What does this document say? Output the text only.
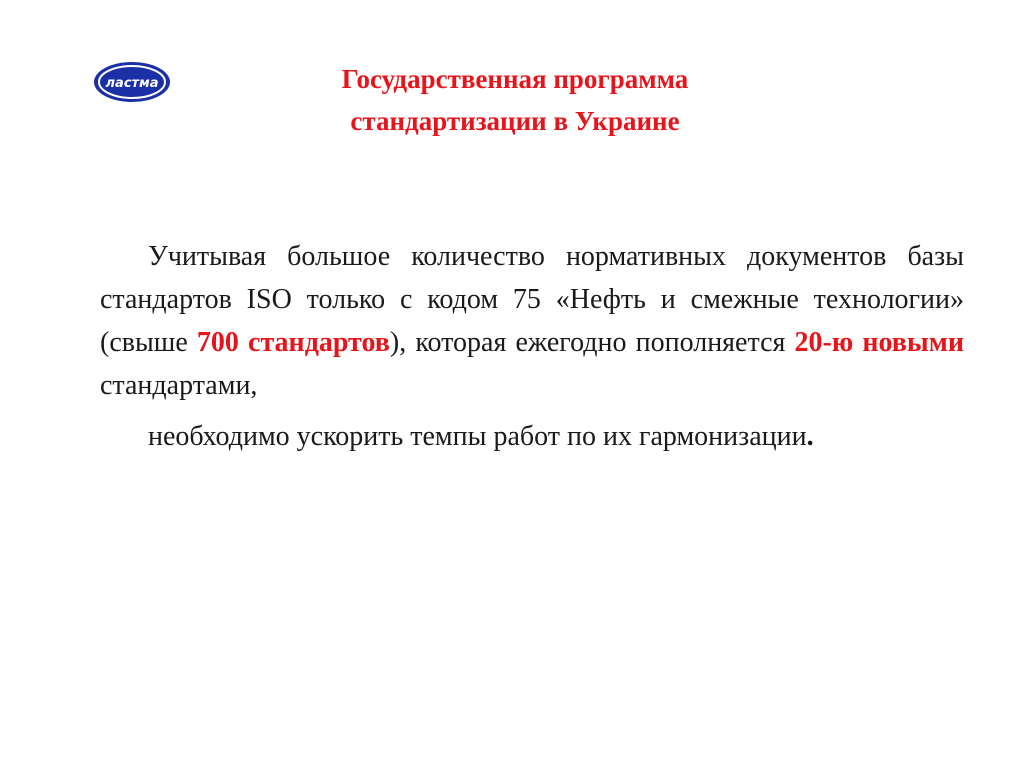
ластма	Государственная программа
стандартизации в Украине

Учитывая большое количество нормативных документов базы стандартов ISO только с кодом 75 «Нефть и смежные технологии» (свыше 700 стандартов), которая ежегодно пополняется 20-ю новыми стандартами,
необходимо ускорить темпы работ по их гармонизации.
